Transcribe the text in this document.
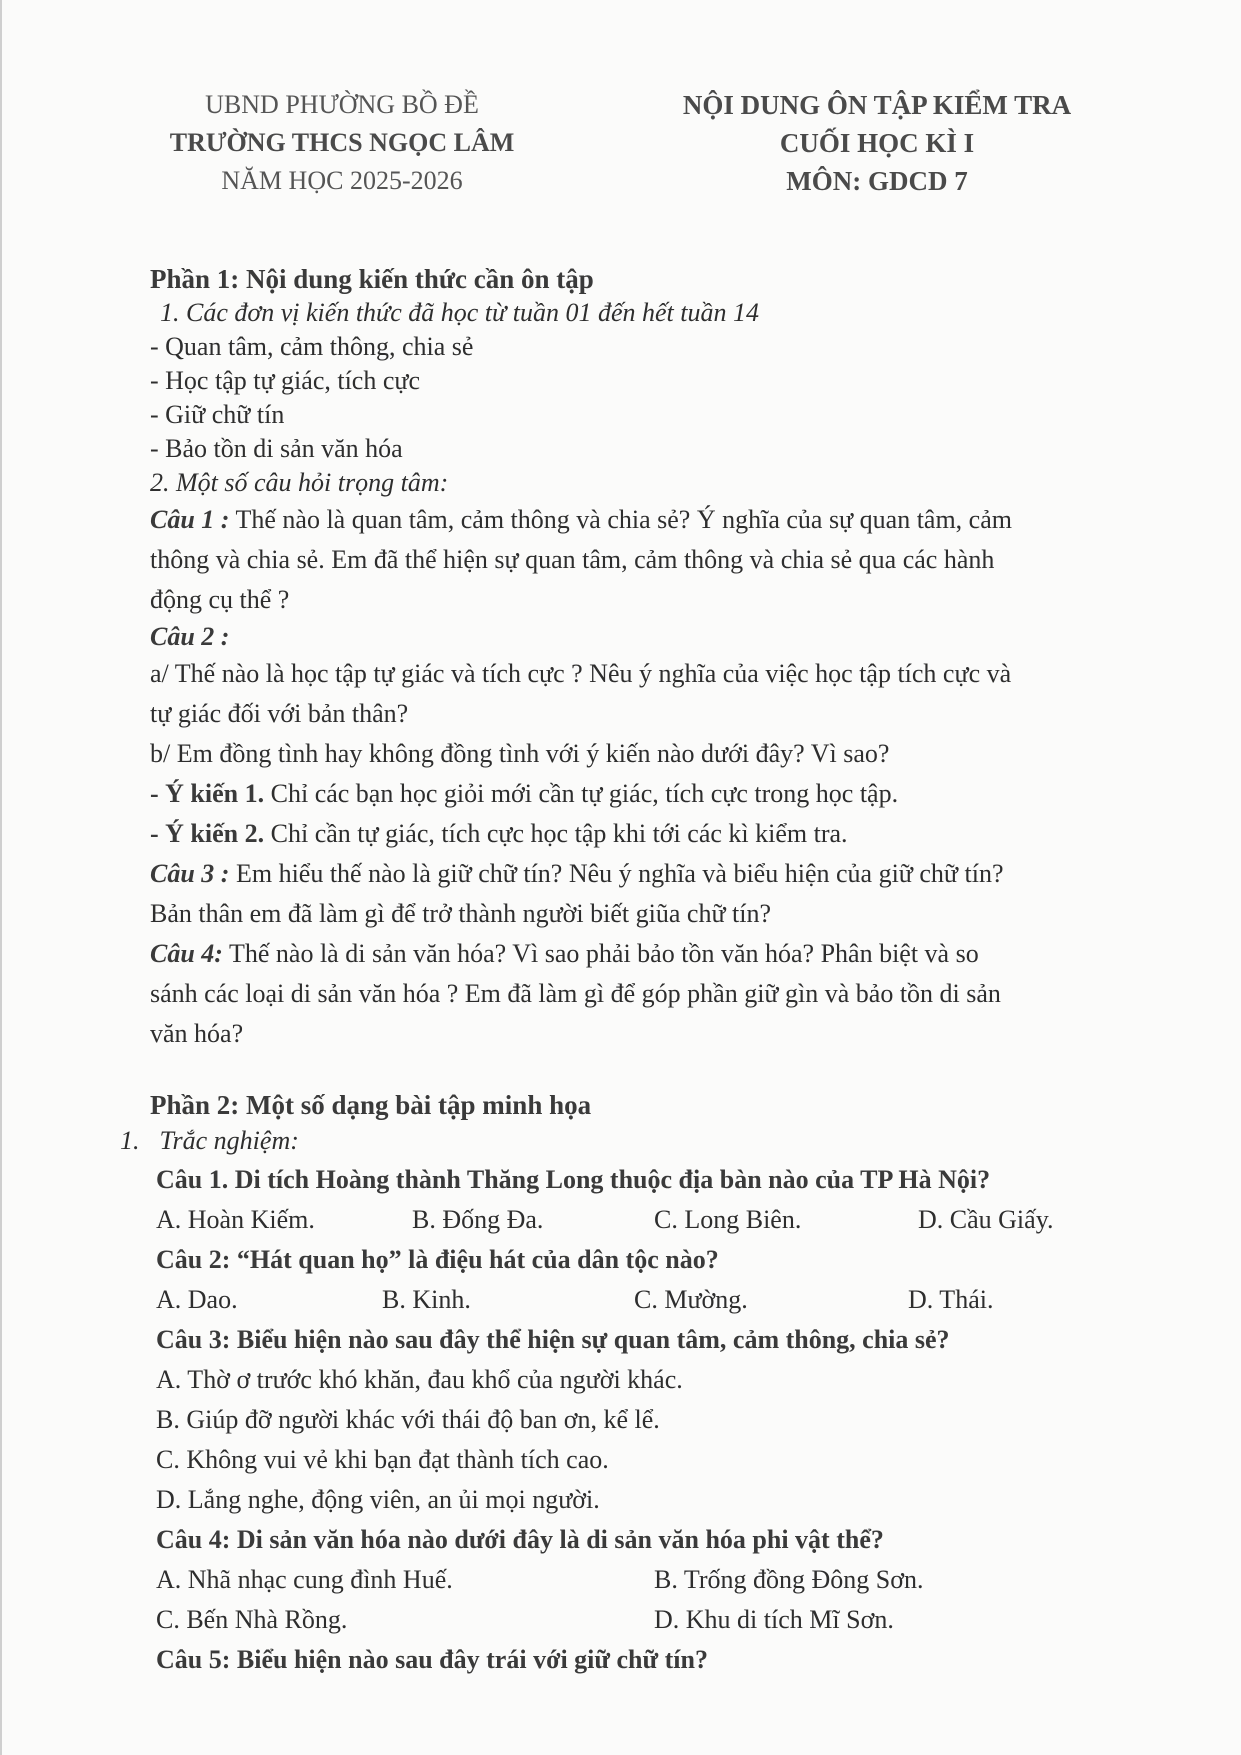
UBND PHƯỜNG BỒ ĐỀ
TRƯỜNG THCS NGỌC LÂM
NĂM HỌC 2025-2026
NỘI DUNG ÔN TẬP KIỂM TRA
CUỐI HỌC KÌ I
MÔN: GDCD 7
Phần 1: Nội dung kiến thức cần ôn tập
1. Các đơn vị kiến thức đã học từ tuần 01 đến hết tuần 14
- Quan tâm, cảm thông, chia sẻ
- Học tập tự giác, tích cực
- Giữ chữ tín
- Bảo tồn di sản văn hóa
2. Một số câu hỏi trọng tâm:
Câu 1 : Thế nào là quan tâm, cảm thông và chia sẻ? Ý nghĩa của sự quan tâm, cảm
thông và chia sẻ. Em đã thể hiện sự quan tâm, cảm thông và chia sẻ qua các hành
động cụ thể ?
Câu 2 :
a/ Thế nào là học tập tự giác và tích cực ? Nêu ý nghĩa của việc học tập tích cực và
tự giác đối với bản thân?
b/ Em đồng tình hay không đồng tình với ý kiến nào dưới đây? Vì sao?
- Ý kiến 1. Chỉ các bạn học giỏi mới cần tự giác, tích cực trong học tập.
- Ý kiến 2. Chỉ cần tự giác, tích cực học tập khi tới các kì kiểm tra.
Câu 3 : Em hiểu thế nào là giữ chữ tín? Nêu ý nghĩa và biểu hiện của giữ chữ tín?
Bản thân em đã làm gì để trở thành người biết giũa chữ tín?
Câu 4: Thế nào là di sản văn hóa? Vì sao phải bảo tồn văn hóa? Phân biệt và so
sánh các loại di sản văn hóa ? Em đã làm gì để góp phần giữ gìn và bảo tồn di sản
văn hóa?
Phần 2: Một số dạng bài tập minh họa
1. Trắc nghiệm:
Câu 1. Di tích Hoàng thành Thăng Long thuộc địa bàn nào của TP Hà Nội?
A. Hoàn Kiếm.	B. Đống Đa.	C. Long Biên.	D. Cầu Giấy.
Câu 2: “Hát quan họ” là điệu hát của dân tộc nào?
A. Dao.	B. Kinh.	C. Mường.	D. Thái.
Câu 3: Biểu hiện nào sau đây thể hiện sự quan tâm, cảm thông, chia sẻ?
A. Thờ ơ trước khó khăn, đau khổ của người khác.
B. Giúp đỡ người khác với thái độ ban ơn, kể lể.
C. Không vui vẻ khi bạn đạt thành tích cao.
D. Lắng nghe, động viên, an ủi mọi người.
Câu 4: Di sản văn hóa nào dưới đây là di sản văn hóa phi vật thể?
A. Nhã nhạc cung đình Huế.	B. Trống đồng Đông Sơn.
C. Bến Nhà Rồng.	D. Khu di tích Mĩ Sơn.
Câu 5: Biểu hiện nào sau đây trái với giữ chữ tín?
